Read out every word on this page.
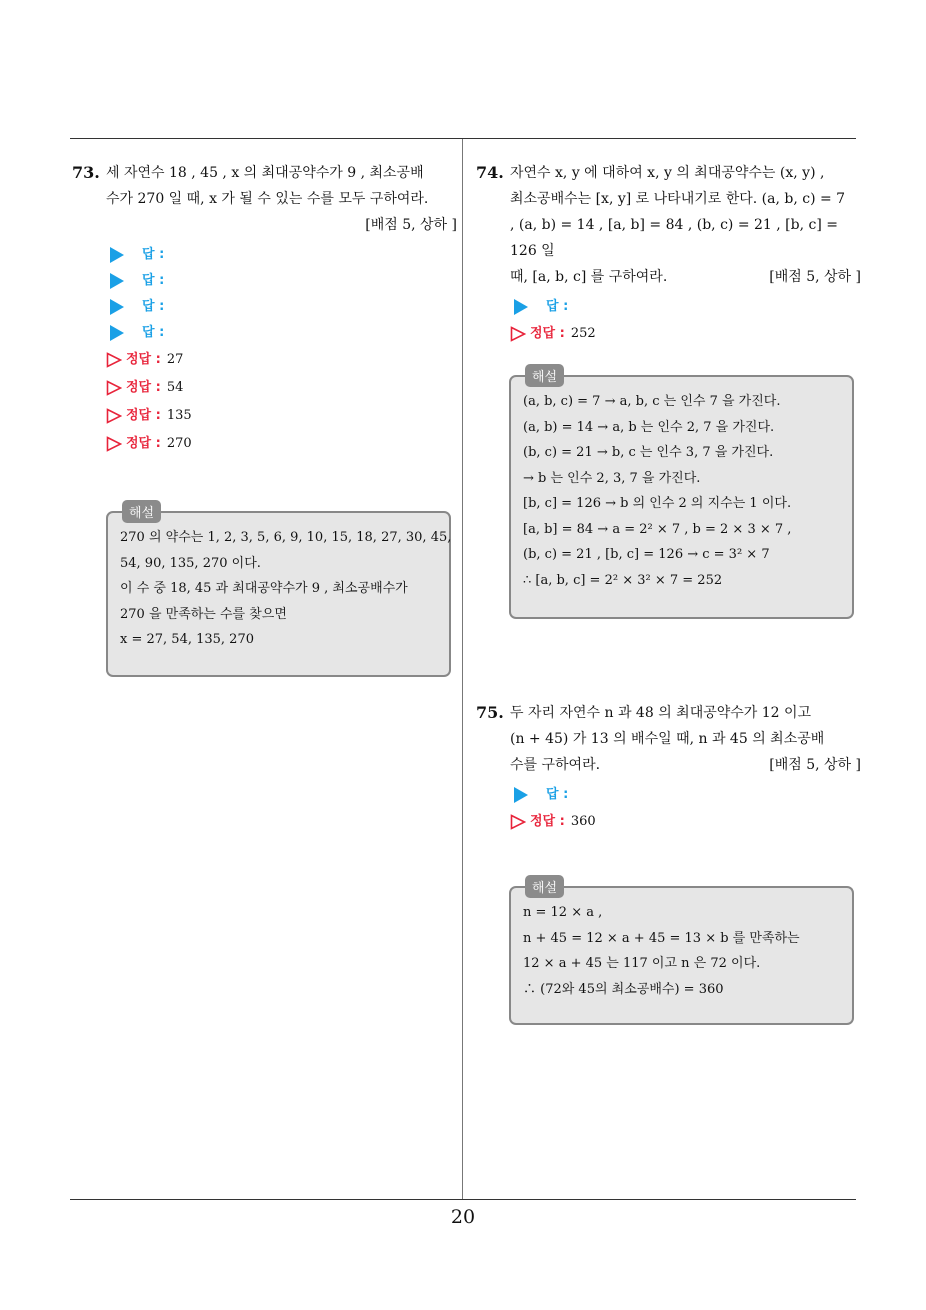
73. 세 자연수 18 , 45 , x 의 최대공약수가 9 , 최소공배
수가 270 일 때, x 가 될 수 있는 수를 모두 구하여라.
[배점 5, 상하 ]
답 :
답 :
답 :
답 :
정답 : 27
정답 : 54
정답 : 135
정답 : 270
해설
270 의 약수는 1, 2, 3, 5, 6, 9, 10, 15, 18, 27, 30, 45,
54, 90, 135, 270 이다.
이 수 중 18, 45 과 최대공약수가 9 , 최소공배수가
270 을 만족하는 수를 찾으면
x = 27, 54, 135, 270
74. 자연수 x, y 에 대하여 x, y 의 최대공약수는 (x, y) ,
최소공배수는 [x, y] 로 나타내기로 한다. (a, b, c) = 7
, (a, b) = 14 , [a, b] = 84 , (b, c) = 21 , [b, c] = 126 일
때, [a, b, c] 를 구하여라.	[배점 5, 상하 ]
답 :
정답 : 252
해설
(a, b, c) = 7 → a, b, c 는 인수 7 을 가진다.
(a, b) = 14 → a, b 는 인수 2, 7 을 가진다.
(b, c) = 21 → b, c 는 인수 3, 7 을 가진다.
→ b 는 인수 2, 3, 7 을 가진다.
[b, c] = 126 → b 의 인수 2 의 지수는 1 이다.
[a, b] = 84 → a = 2² × 7 , b = 2 × 3 × 7 ,
(b, c) = 21 , [b, c] = 126 → c = 3² × 7
∴ [a, b, c] = 2² × 3² × 7 = 252
75. 두 자리 자연수 n 과 48 의 최대공약수가 12 이고
(n + 45) 가 13 의 배수일 때, n 과 45 의 최소공배
수를 구하여라.	[배점 5, 상하 ]
답 :
정답 : 360
해설
n = 12 × a ,
n + 45 = 12 × a + 45 = 13 × b 를 만족하는
12 × a + 45 는 117 이고 n 은 72 이다.
∴ (72와 45의 최소공배수) = 360
20
